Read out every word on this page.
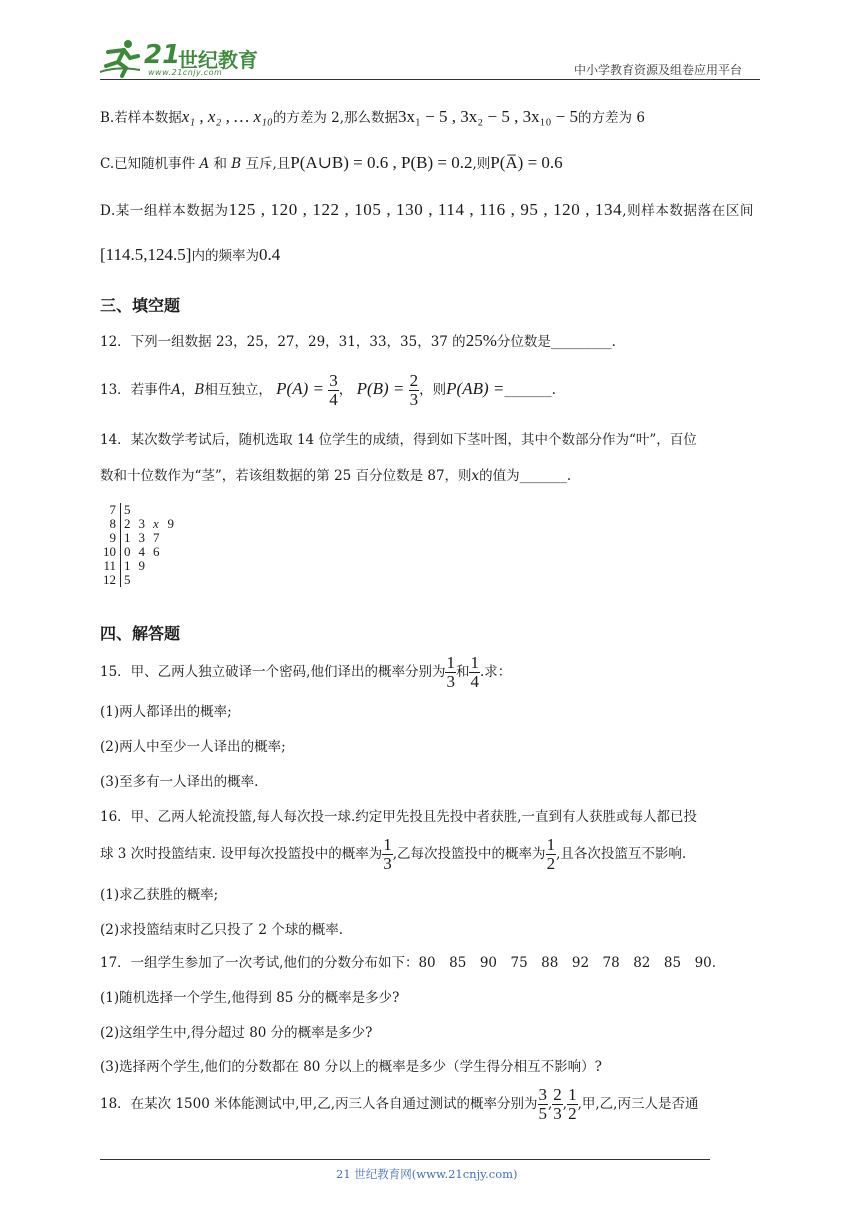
21
世纪教育
www.21cnjy.com	中小学教育资源及组卷应用平台
B.若样本数据x₁ , x₂ , … x₁₀的方差为 2,那么数据3x₁ − 5 , 3x₂ − 5 , 3x₁₀ − 5的方差为 6
C.已知随机事件 A 和 B 互斥,且P(A∪B) = 0.6 , P(B) = 0.2,则P(A̅) = 0.6
D.某一组样本数据为125 , 120 , 122 , 105 , 130 , 114 , 116 , 95 , 120 , 134,则样本数据落在区间
[114.5,124.5]内的频率为0.4
三、填空题
12．下列一组数据 23，25，27，29，31，33，35，37 的25%分位数是_________.
13．若事件A，B相互独立， $P(A) = \frac{3}{4}$ ， $P(B) = \frac{2}{3}$ ，则P(AB) =_______.
14．某次数学考试后，随机选取 14 位学生的成绩，得到如下茎叶图，其中个数部分作为“叶”，百位
数和十位数作为“茎”，若该组数据的第 25 百分位数是 87，则x的值为_______.
7	5			
8	2	3	x	9
9	1	3	7	
10	0	4	6	
11	1	9		
12	5			
四、解答题
15．甲、乙两人独立破译一个密码,他们译出的概率分别为 $\frac{1}{3}$ 和 $\frac{1}{4}$ .求：
(1)两人都译出的概率;
(2)两人中至少一人译出的概率;
(3)至多有一人译出的概率.
16．甲、乙两人轮流投篮,每人每次投一球.约定甲先投且先投中者获胜,一直到有人获胜或每人都已投
球 3 次时投篮结束. 设甲每次投篮投中的概率为 $\frac{1}{3}$ ,乙每次投篮投中的概率为 $\frac{1}{2}$ ,且各次投篮互不影响.
(1)求乙获胜的概率;
(2)求投篮结束时乙只投了 2 个球的概率.
17．一组学生参加了一次考试,他们的分数分布如下：80　85　90　75　88　92　78　82　85　90.
(1)随机选择一个学生,他得到 85 分的概率是多少?
(2)这组学生中,得分超过 80 分的概率是多少?
(3)选择两个学生,他们的分数都在 80 分以上的概率是多少（学生得分相互不影响）?
18．在某次 1500 米体能测试中,甲,乙,丙三人各自通过测试的概率分别为 $\frac{3}{5}$ , $\frac{2}{3}$ , $\frac{1}{2}$ ,甲,乙,丙三人是否通
21 世纪教育网(www.21cnjy.com)
